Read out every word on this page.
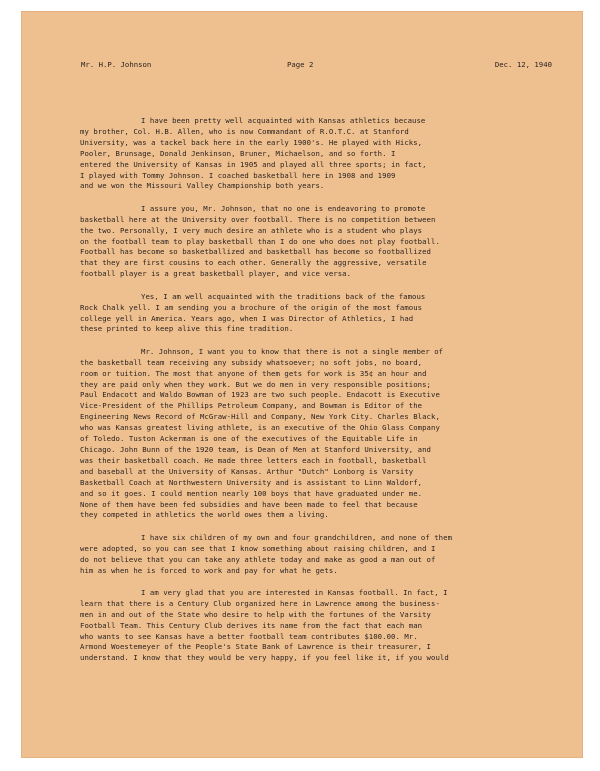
Mr. H.P. Johnson	Page 2	Dec. 12, 1940
I have been pretty well acquainted with Kansas athletics because
my brother, Col. H.B. Allen, who is now Commandant of R.O.T.C. at Stanford
University, was a tackel back here in the early 1900's. He played with Hicks,
Pooler, Brunsage, Donald Jenkinson, Bruner, Michaelson, and so forth. I
entered the University of Kansas in 1905 and played all three sports; in fact,
I played with Tommy Johnson. I coached basketball here in 1908 and 1909
and we won the Missouri Valley Championship both years.
I assure you, Mr. Johnson, that no one is endeavoring to promote
basketball here at the University over football. There is no competition between
the two. Personally, I very much desire an athlete who is a student who plays
on the football team to play basketball than I do one who does not play football.
Football has become so basketballized and basketball has become so footballized
that they are first cousins to each other. Generally the aggressive, versatile
football player is a great basketball player, and vice versa.
Yes, I am well acquainted with the traditions back of the famous
Rock Chalk yell. I am sending you a brochure of the origin of the most famous
college yell in America. Years ago, when I was Director of Athletics, I had
these printed to keep alive this fine tradition.
Mr. Johnson, I want you to know that there is not a single member of
the basketball team receiving any subsidy whatsoever; no soft jobs, no board,
room or tuition. The most that anyone of them gets for work is 35¢ an hour and
they are paid only when they work. But we do men in very responsible positions;
Paul Endacott and Waldo Bowman of 1923 are two such people. Endacott is Executive
Vice-President of the Phillips Petroleum Company, and Bowman is Editor of the
Engineering News Record of McGraw-Hill and Company, New York City. Charles Black,
who was Kansas greatest living athlete, is an executive of the Ohio Glass Company
of Toledo. Tuston Ackerman is one of the executives of the Equitable Life in
Chicago. John Bunn of the 1920 team, is Dean of Men at Stanford University, and
was their basketball coach. He made three letters each in football, basketball
and baseball at the University of Kansas. Arthur "Dutch" Lonborg is Varsity
Basketball Coach at Northwestern University and is assistant to Linn Waldorf,
and so it goes. I could mention nearly 100 boys that have graduated under me.
None of them have been fed subsidies and have been made to feel that because
they competed in athletics the world owes them a living.
I have six children of my own and four grandchildren, and none of them
were adopted, so you can see that I know something about raising children, and I
do not believe that you can take any athlete today and make as good a man out of
him as when he is forced to work and pay for what he gets.
I am very glad that you are interested in Kansas football. In fact, I
learn that there is a Century Club organized here in Lawrence among the business-
men in and out of the State who desire to help with the fortunes of the Varsity
Football Team. This Century Club derives its name from the fact that each man
who wants to see Kansas have a better football team contributes $100.00. Mr.
Armond Woestemeyer of the People's State Bank of Lawrence is their treasurer, I
understand. I know that they would be very happy, if you feel like it, if you would
